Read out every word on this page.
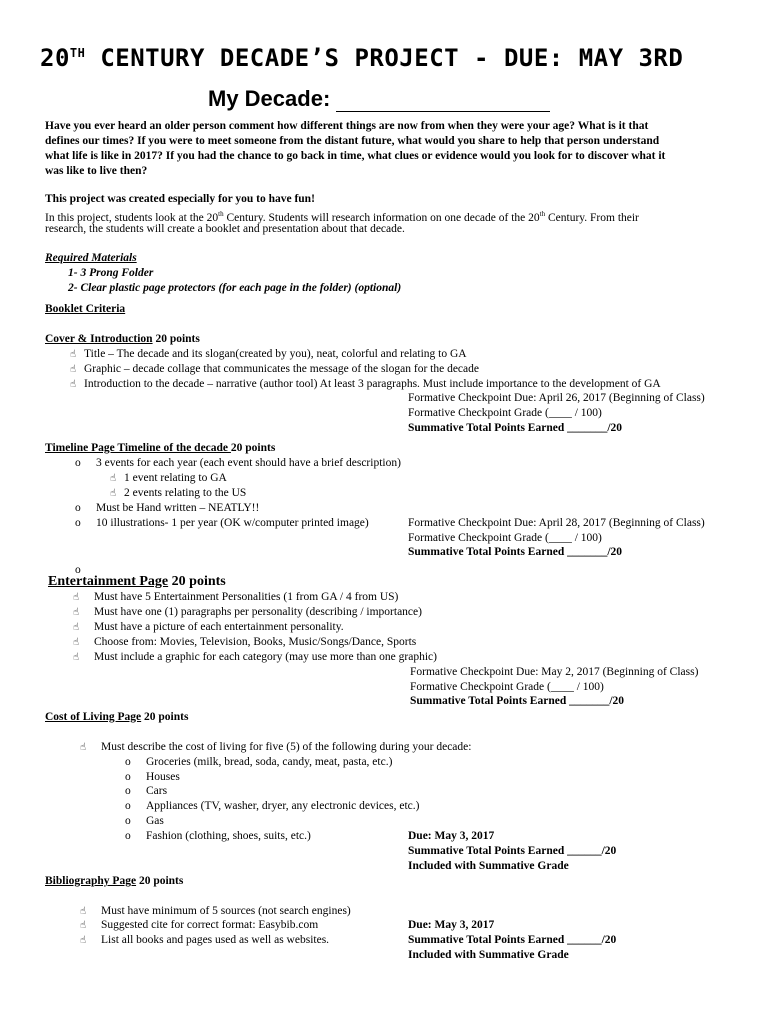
20TH CENTURY DECADE’S PROJECT - DUE: MAY 3RD
My Decade:
Have you ever heard an older person comment how different things are now from when they were your age? What is it that
defines our times? If you were to meet someone from the distant future, what would you share to help that person understand
what life is like in 2017? If you had the chance to go back in time, what clues or evidence would you look for to discover what it
was like to live then?
This project was created especially for you to have fun!
In this project, students look at the 20th Century. Students will research information on one decade of the 20th Century. From their
research, the students will create a booklet and presentation about that decade.
Required Materials
1- 3 Prong Folder
2- Clear plastic page protectors (for each page in the folder) (optional)
Booklet Criteria
Cover & Introduction 20 points
☝ Title – The decade and its slogan(created by you), neat, colorful and relating to GA
☝ Graphic – decade collage that communicates the message of the slogan for the decade
☝ Introduction to the decade – narrative (author tool) At least 3 paragraphs. Must include importance to the development of GA
Formative Checkpoint Due: April 26, 2017 (Beginning of Class)
Formative Checkpoint Grade (____ / 100)
Summative Total Points Earned _______/20
Timeline Page Timeline of the decade 20 points
o 3 events for each year (each event should have a brief description)
☝ 1 event relating to GA
☝ 2 events relating to the US
o Must be Hand written – NEATLY!!
o 10 illustrations- 1 per year (OK w/computer printed image)	Formative Checkpoint Due: April 28, 2017 (Beginning of Class)
Formative Checkpoint Grade (____ / 100)
Summative Total Points Earned _______/20
o
Entertainment Page 20 points
☝ Must have 5 Entertainment Personalities (1 from GA / 4 from US)
☝ Must have one (1) paragraphs per personality (describing / importance)
☝ Must have a picture of each entertainment personality.
☝ Choose from: Movies, Television, Books, Music/Songs/Dance, Sports
☝ Must include a graphic for each category (may use more than one graphic)
Formative Checkpoint Due: May 2, 2017 (Beginning of Class)
Formative Checkpoint Grade (____ / 100)
Summative Total Points Earned _______/20
Cost of Living Page 20 points
☝ Must describe the cost of living for five (5) of the following during your decade:
o Groceries (milk, bread, soda, candy, meat, pasta, etc.)
o Houses
o Cars
o Appliances (TV, washer, dryer, any electronic devices, etc.)
o Gas
o Fashion (clothing, shoes, suits, etc.)	Due: May 3, 2017
Summative Total Points Earned ______/20
Included with Summative Grade
Bibliography Page 20 points
☝ Must have minimum of 5 sources (not search engines)
☝ Suggested cite for correct format: Easybib.com
☝ List all books and pages used as well as websites.
Due: May 3, 2017
Summative Total Points Earned ______/20
Included with Summative Grade
